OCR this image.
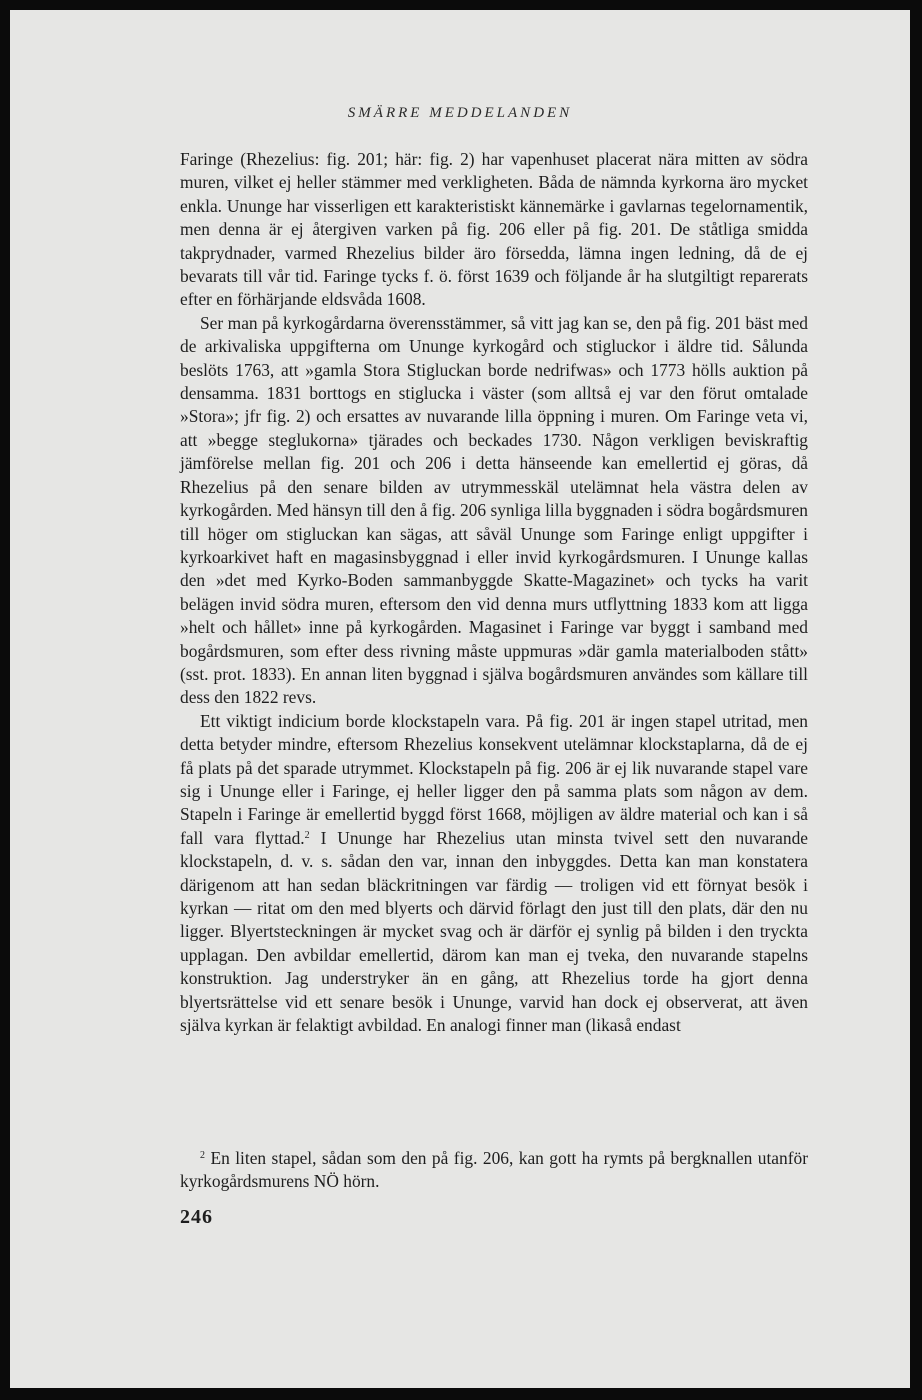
SMÄRRE MEDDELANDEN

Faringe (Rhezelius: fig. 201; här: fig. 2) har vapenhuset placerat nära mitten av södra muren, vilket ej heller stämmer med verkligheten. Båda de nämnda kyrkorna äro mycket enkla. Ununge har visserligen ett karakteristiskt kännemärke i gavlarnas tegelornamentik, men denna är ej återgiven varken på fig. 206 eller på fig. 201. De ståtliga smidda takprydnader, varmed Rhezelius bilder äro försedda, lämna ingen ledning, då de ej bevarats till vår tid. Faringe tycks f. ö. först 1639 och följande år ha slutgiltigt reparerats efter en förhärjande eldsvåda 1608.

Ser man på kyrkogårdarna överensstämmer, så vitt jag kan se, den på fig. 201 bäst med de arkivaliska uppgifterna om Ununge kyrkogård och stigluckor i äldre tid. Sålunda beslöts 1763, att »gamla Stora Stigluckan borde nedrifwas» och 1773 hölls auktion på densamma. 1831 borttogs en stiglucka i väster (som alltså ej var den förut omtalade »Stora»; jfr fig. 2) och ersattes av nuvarande lilla öppning i muren. Om Faringe veta vi, att »begge steglukorna» tjärades och beckades 1730. Någon verkligen beviskraftig jämförelse mellan fig. 201 och 206 i detta hänseende kan emellertid ej göras, då Rhezelius på den senare bilden av utrymmesskäl utelämnat hela västra delen av kyrkogården. Med hänsyn till den å fig. 206 synliga lilla byggnaden i södra bogårdsmuren till höger om stigluckan kan sägas, att såväl Ununge som Faringe enligt uppgifter i kyrkoarkivet haft en magasinsbyggnad i eller invid kyrkogårdsmuren. I Ununge kallas den »det med Kyrko-Boden sammanbyggde Skatte-Magazinet» och tycks ha varit belägen invid södra muren, eftersom den vid denna murs utflyttning 1833 kom att ligga »helt och hållet» inne på kyrkogården. Magasinet i Faringe var byggt i samband med bogårdsmuren, som efter dess rivning måste uppmuras »där gamla materialboden stått» (sst. prot. 1833). En annan liten byggnad i själva bogårdsmuren användes som källare till dess den 1822 revs.

Ett viktigt indicium borde klockstapeln vara. På fig. 201 är ingen stapel utritad, men detta betyder mindre, eftersom Rhezelius konsekvent utelämnar klockstaplarna, då de ej få plats på det sparade utrymmet. Klockstapeln på fig. 206 är ej lik nuvarande stapel vare sig i Ununge eller i Faringe, ej heller ligger den på samma plats som någon av dem. Stapeln i Faringe är emellertid byggd först 1668, möjligen av äldre material och kan i så fall vara flyttad.$^2$ I Ununge har Rhezelius utan minsta tvivel sett den nuvarande klockstapeln, d. v. s. sådan den var, innan den inbyggdes. Detta kan man konstatera därigenom att han sedan bläckritningen var färdig — troligen vid ett förnyat besök i kyrkan — ritat om den med blyerts och därvid förlagt den just till den plats, där den nu ligger. Blyertsteckningen är mycket svag och är därför ej synlig på bilden i den tryckta upplagan. Den avbildar emellertid, därom kan man ej tveka, den nuvarande stapelns konstruktion. Jag understryker än en gång, att Rhezelius torde ha gjort denna blyertsrättelse vid ett senare besök i Ununge, varvid han dock ej observerat, att även själva kyrkan är felaktigt avbildad. En analogi finner man (likaså endast

$^2$ En liten stapel, sådan som den på fig. 206, kan gott ha rymts på bergknallen utanför kyrkogårdsmurens NÖ hörn.
246
